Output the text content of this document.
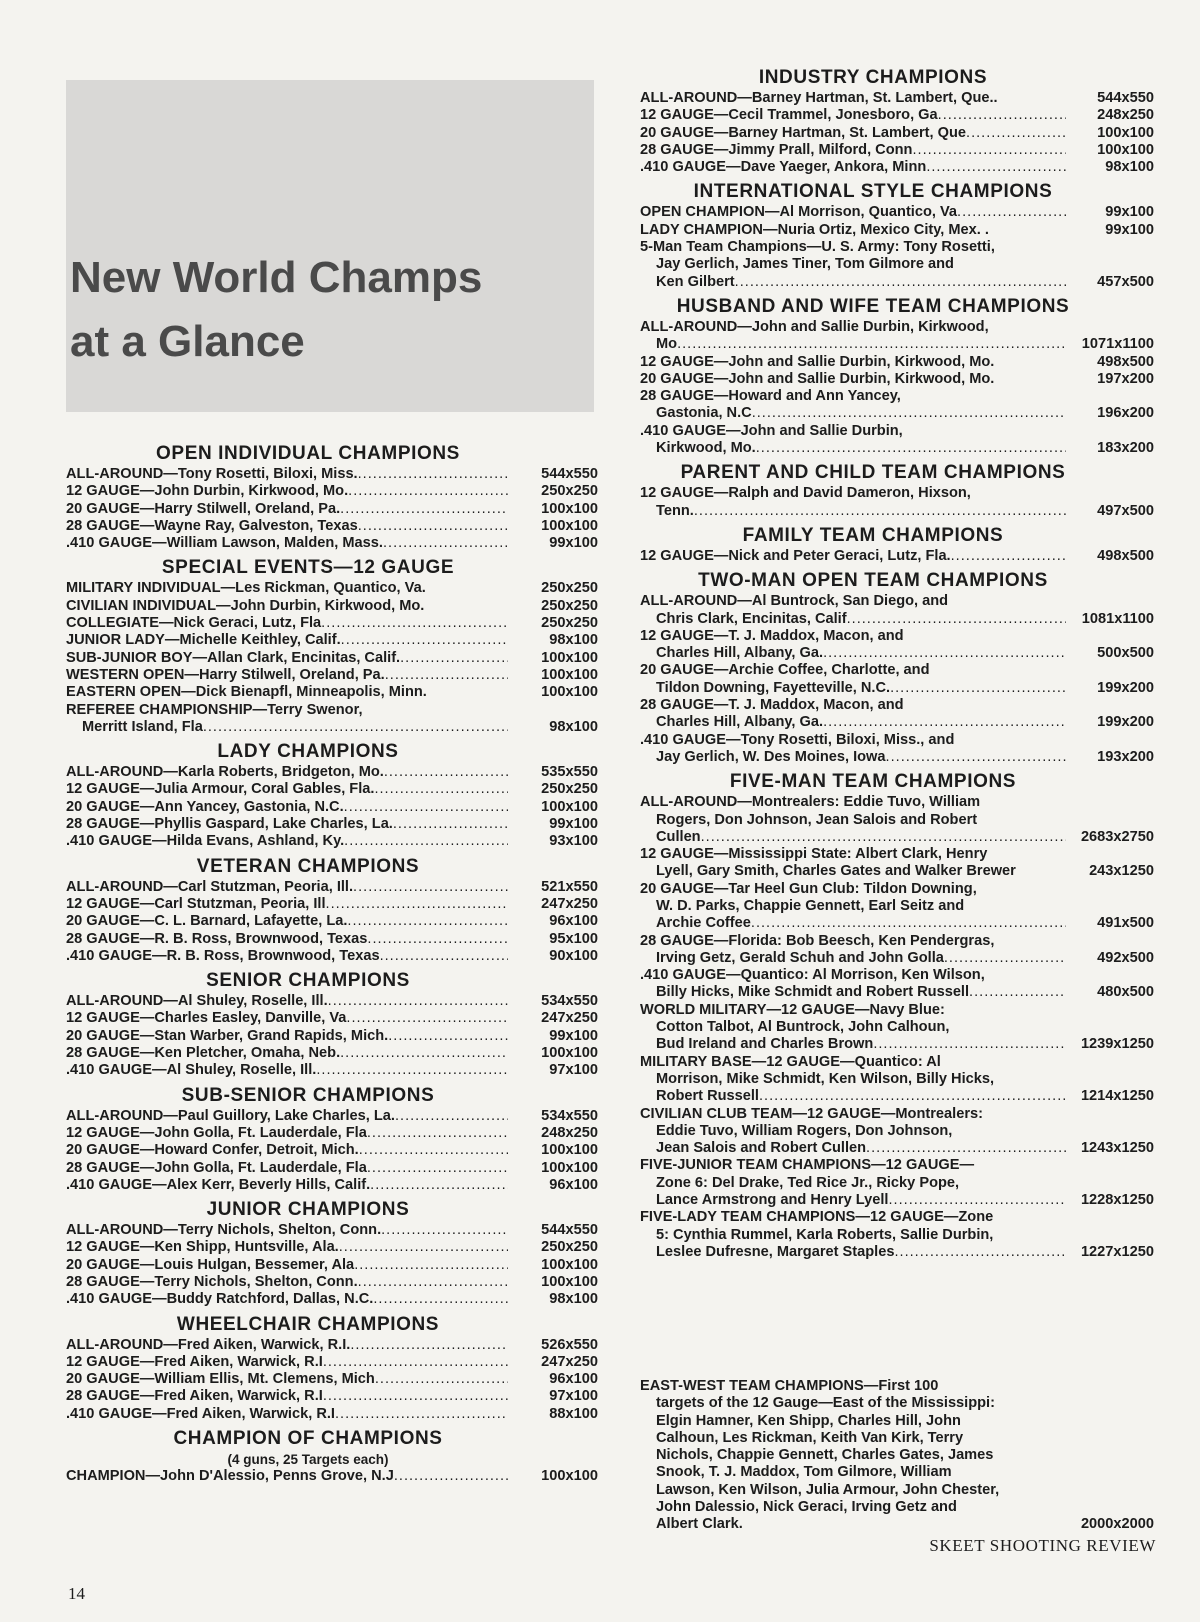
New World Champs
at a Glance
OPEN INDIVIDUAL CHAMPIONS
ALL-AROUND—Tony Rosetti, Biloxi, Miss. .....	544x550
12 GAUGE—John Durbin, Kirkwood, Mo. .....	250x250
20 GAUGE—Harry Stilwell, Oreland, Pa. .....	100x100
28 GAUGE—Wayne Ray, Galveston, Texas .....	100x100
.410 GAUGE—William Lawson, Malden, Mass. .....	99x100
SPECIAL EVENTS—12 GAUGE
MILITARY INDIVIDUAL—Les Rickman, Quantico, Va.	250x250
CIVILIAN INDIVIDUAL—John Durbin, Kirkwood, Mo.	250x250
COLLEGIATE—Nick Geraci, Lutz, Fla .....	250x250
JUNIOR LADY—Michelle Keithley, Calif. .....	98x100
SUB-JUNIOR BOY—Allan Clark, Encinitas, Calif. .....	100x100
WESTERN OPEN—Harry Stilwell, Oreland, Pa. .....	100x100
EASTERN OPEN—Dick Bienapfl, Minneapolis, Minn.	100x100
REFEREE CHAMPIONSHIP—Terry Swenor,
Merritt Island, Fla .....	98x100
LADY CHAMPIONS
ALL-AROUND—Karla Roberts, Bridgeton, Mo. .....	535x550
12 GAUGE—Julia Armour, Coral Gables, Fla. .....	250x250
20 GAUGE—Ann Yancey, Gastonia, N.C. .....	100x100
28 GAUGE—Phyllis Gaspard, Lake Charles, La. .....	99x100
.410 GAUGE—Hilda Evans, Ashland, Ky. .....	93x100
VETERAN CHAMPIONS
ALL-AROUND—Carl Stutzman, Peoria, Ill. .....	521x550
12 GAUGE—Carl Stutzman, Peoria, Ill .....	247x250
20 GAUGE—C. L. Barnard, Lafayette, La. .....	96x100
28 GAUGE—R. B. Ross, Brownwood, Texas .....	95x100
.410 GAUGE—R. B. Ross, Brownwood, Texas .....	90x100
SENIOR CHAMPIONS
ALL-AROUND—Al Shuley, Roselle, Ill. .....	534x550
12 GAUGE—Charles Easley, Danville, Va .....	247x250
20 GAUGE—Stan Warber, Grand Rapids, Mich. .....	99x100
28 GAUGE—Ken Pletcher, Omaha, Neb. .....	100x100
.410 GAUGE—Al Shuley, Roselle, Ill. .....	97x100
SUB-SENIOR CHAMPIONS
ALL-AROUND—Paul Guillory, Lake Charles, La. .....	534x550
12 GAUGE—John Golla, Ft. Lauderdale, Fla .....	248x250
20 GAUGE—Howard Confer, Detroit, Mich. .....	100x100
28 GAUGE—John Golla, Ft. Lauderdale, Fla .....	100x100
.410 GAUGE—Alex Kerr, Beverly Hills, Calif. .....	96x100
JUNIOR CHAMPIONS
ALL-AROUND—Terry Nichols, Shelton, Conn. .....	544x550
12 GAUGE—Ken Shipp, Huntsville, Ala. .....	250x250
20 GAUGE—Louis Hulgan, Bessemer, Ala .....	100x100
28 GAUGE—Terry Nichols, Shelton, Conn. .....	100x100
.410 GAUGE—Buddy Ratchford, Dallas, N.C. .....	98x100
WHEELCHAIR CHAMPIONS
ALL-AROUND—Fred Aiken, Warwick, R.I. .....	526x550
12 GAUGE—Fred Aiken, Warwick, R.I .....	247x250
20 GAUGE—William Ellis, Mt. Clemens, Mich .....	96x100
28 GAUGE—Fred Aiken, Warwick, R.I .....	97x100
.410 GAUGE—Fred Aiken, Warwick, R.I .....	88x100
CHAMPION OF CHAMPIONS
(4 guns, 25 Targets each)
CHAMPION—John D'Alessio, Penns Grove, N.J .....	100x100
INDUSTRY CHAMPIONS
ALL-AROUND—Barney Hartman, St. Lambert, Que..	544x550
12 GAUGE—Cecil Trammel, Jonesboro, Ga .....	248x250
20 GAUGE—Barney Hartman, St. Lambert, Que .....	100x100
28 GAUGE—Jimmy Prall, Milford, Conn .....	100x100
.410 GAUGE—Dave Yaeger, Ankora, Minn .....	98x100
INTERNATIONAL STYLE CHAMPIONS
OPEN CHAMPION—Al Morrison, Quantico, Va .....	99x100
LADY CHAMPION—Nuria Ortiz, Mexico City, Mex. .	99x100
5-Man Team Champions—U. S. Army: Tony Rosetti,
Jay Gerlich, James Tiner, Tom Gilmore and
Ken Gilbert .....	457x500
HUSBAND AND WIFE TEAM CHAMPIONS
ALL-AROUND—John and Sallie Durbin, Kirkwood,
Mo .....	1071x1100
12 GAUGE—John and Sallie Durbin, Kirkwood, Mo.	498x500
20 GAUGE—John and Sallie Durbin, Kirkwood, Mo.	197x200
28 GAUGE—Howard and Ann Yancey,
Gastonia, N.C .....	196x200
.410 GAUGE—John and Sallie Durbin,
Kirkwood, Mo. .....	183x200
PARENT AND CHILD TEAM CHAMPIONS
12 GAUGE—Ralph and David Dameron, Hixson,
Tenn. .....	497x500
FAMILY TEAM CHAMPIONS
12 GAUGE—Nick and Peter Geraci, Lutz, Fla. .....	498x500
TWO-MAN OPEN TEAM CHAMPIONS
ALL-AROUND—Al Buntrock, San Diego, and
Chris Clark, Encinitas, Calif .....	1081x1100
12 GAUGE—T. J. Maddox, Macon, and
Charles Hill, Albany, Ga. .....	500x500
20 GAUGE—Archie Coffee, Charlotte, and
Tildon Downing, Fayetteville, N.C. .....	199x200
28 GAUGE—T. J. Maddox, Macon, and
Charles Hill, Albany, Ga. .....	199x200
.410 GAUGE—Tony Rosetti, Biloxi, Miss., and
Jay Gerlich, W. Des Moines, Iowa .....	193x200
FIVE-MAN TEAM CHAMPIONS
ALL-AROUND—Montrealers: Eddie Tuvo, William
Rogers, Don Johnson, Jean Salois and Robert
Cullen .....	2683x2750
12 GAUGE—Mississippi State: Albert Clark, Henry
Lyell, Gary Smith, Charles Gates and Walker Brewer	243x1250
20 GAUGE—Tar Heel Gun Club: Tildon Downing,
W. D. Parks, Chappie Gennett, Earl Seitz and
Archie Coffee .....	491x500
28 GAUGE—Florida: Bob Beesch, Ken Pendergras,
Irving Getz, Gerald Schuh and John Golla .....	492x500
.410 GAUGE—Quantico: Al Morrison, Ken Wilson,
Billy Hicks, Mike Schmidt and Robert Russell .....	480x500
WORLD MILITARY—12 GAUGE—Navy Blue:
Cotton Talbot, Al Buntrock, John Calhoun,
Bud Ireland and Charles Brown .....	1239x1250
MILITARY BASE—12 GAUGE—Quantico: Al
Morrison, Mike Schmidt, Ken Wilson, Billy Hicks,
Robert Russell .....	1214x1250
CIVILIAN CLUB TEAM—12 GAUGE—Montrealers:
Eddie Tuvo, William Rogers, Don Johnson,
Jean Salois and Robert Cullen .....	1243x1250
FIVE-JUNIOR TEAM CHAMPIONS—12 GAUGE—
Zone 6: Del Drake, Ted Rice Jr., Ricky Pope,
Lance Armstrong and Henry Lyell .....	1228x1250
FIVE-LADY TEAM CHAMPIONS—12 GAUGE—Zone
5: Cynthia Rummel, Karla Roberts, Sallie Durbin,
Leslee Dufresne, Margaret Staples .....	1227x1250
EAST-WEST TEAM CHAMPIONS—First 100
targets of the 12 Gauge—East of the Mississippi:
Elgin Hamner, Ken Shipp, Charles Hill, John
Calhoun, Les Rickman, Keith Van Kirk, Terry
Nichols, Chappie Gennett, Charles Gates, James
Snook, T. J. Maddox, Tom Gilmore, William
Lawson, Ken Wilson, Julia Armour, John Chester,
John Dalessio, Nick Geraci, Irving Getz and
Albert Clark.	2000x2000
14
SKEET SHOOTING REVIEW
